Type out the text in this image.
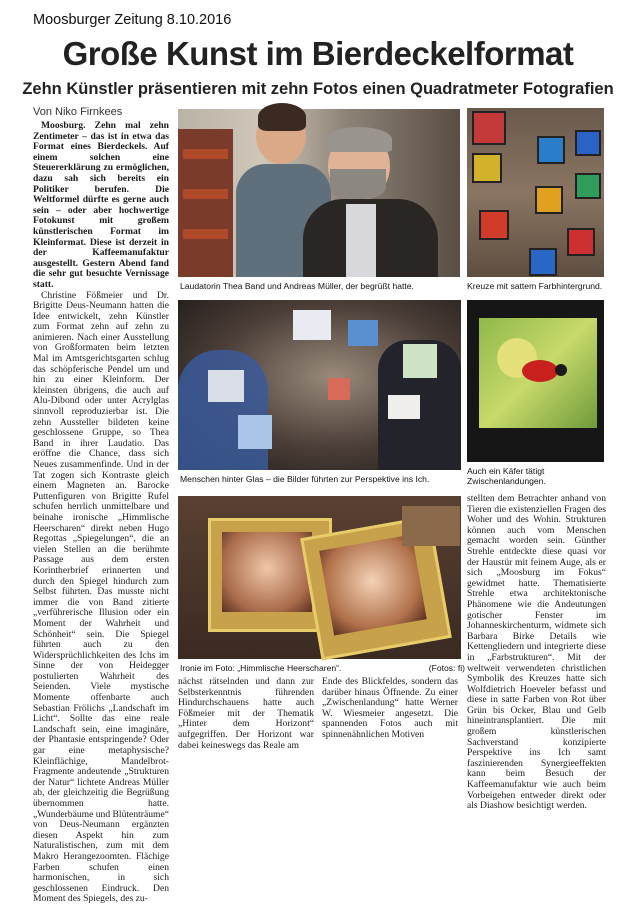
Moosburger Zeitung 8.10.2016
Große Kunst im Bierdeckelformat
Zehn Künstler präsentieren mit zehn Fotos einen Quadratmeter Fotografien
Von Niko Firnkees

Moosburg. Zehn mal zehn Zentimeter – das ist in etwa das Format eines Bierdeckels. Auf einem solchen eine Steuererklärung zu ermöglichen, dazu sah sich bereits ein Politiker berufen. Die Weltformel dürfte es gerne auch sein – oder aber hochwertige Fotokunst mit großem künstlerischen Format im Kleinformat. Diese ist derzeit in der Kaffeemanufaktur ausgestellt. Gestern Abend fand die sehr gut besuchte Vernissage statt.

Christine Fößmeier und Dr. Brigitte Deus-Neumann hatten die Idee entwickelt, zehn Künstler zum Format zehn auf zehn zu animieren. Nach einer Ausstellung von Großformaten beim letzten Mal im Amtsgerichtsgarten schlug das schöpferische Pendel um und hin zu einer Kleinform. Der kleinsten übrigens, die auch auf Alu-Dibond oder unter Acrylglas sinnvoll reproduzierbar ist. Die zehn Aussteller bildeten keine geschlossene Gruppe, so Thea Band in ihrer Laudatio. Das eröffne die Chance, dass sich Neues zusammenfinde. Und in der Tat zogen sich Kontraste gleich einem Magneten an. Barocke Puttenfiguren von Brigitte Rufel schufen herrlich unmittelbare und beinahe ironische „Himmlische Heerscharen“ direkt neben Hugo Regottas „Spiegelungen“, die an vielen Stellen an die berühmte Passage aus dem ersten Korintherbrief erinnerten und durch den Spiegel hindurch zum Selbst führten. Das musste nicht immer die von Band zitierte „verführerische Illusion oder ein Moment der Wahrheit und Schönheit“ sein. Die Spiegel führten auch zu den Widersprüchlichkeiten des Ichs im Sinne der von Heidegger postulierten Wahrheit des Seienden. Viele mystische Momente offenbarte auch Sebastian Frölichs „Landschaft im Licht“. Sollte das eine reale Landschaft sein, eine imaginäre, der Phantasie entspringende? Oder gar eine metaphysische? Kleinflächige, Mandelbrot-Fragmente andeutende „Strukturen der Natur“ lichtete Andreas Müller ab, der gleichzeitig die Begrüßung übernommen hatte. „Wunderbäume und Blütenträume“ von Deus-Neumann ergänzten diesen Aspekt hin zum Naturalistischen, zum mit dem Makro Herangezoomten. Flächige Farben schufen einen harmonischen, in sich geschlossenen Eindruck. Den Moment des Spiegels, des zu-

Laudatorin Thea Band und Andreas Müller, der begrüßt hatte.	Kreuze mit sattem Farbhintergrund.
Menschen hinter Glas – die Bilder führten zur Perspektive ins Ich.
Auch ein Käfer tätigt Zwischenlandungen.
Ironie im Foto: „Himmlische Heerscharen“.	(Fotos: fi)

nächst rätselnden und dann zur Selbsterkenntnis führenden Hindurchschauens hatte auch Fößmeier mit der Thematik „Hinter dem Horizont“ aufgegriffen. Der Horizont war dabei keineswegs das Reale am

Ende des Blickfeldes, sondern das darüber hinaus Öffnende. Zu einer „Zwischenlandung“ hatte Werner W. Wiesmeier angesetzt. Die spannenden Fotos auch mit spinnenähnlichen Motiven

stellten dem Betrachter anhand von Tieren die existenziellen Fragen des Woher und des Wohin. Strukturen können auch vom Menschen gemacht worden sein. Günther Strehle entdeckte diese quasi vor der Haustür mit feinem Auge, als er sich „Moosburg im Fokus“ gewidmet hatte. Thematisierte Strehle etwa architektonische Phänomene wie die Andeutungen gotischer Fenster im Johanneskirchenturm, widmete sich Barbara Birke Details wie Kettengliedern und integrierte diese in „Farbstrukturen“. Mit der weltweit verwendeten christlichen Symbolik des Kreuzes hatte sich Wolfdietrich Hoeveler befasst und diese in satte Farben von Rot über Grün bis Ocker, Blau und Gelb hineintransplantiert. Die mit großem künstlerischen Sachverstand konzipierte Perspektive ins Ich samt faszinierenden Synergieeffekten kann beim Besuch der Kaffeemanufaktur wie auch beim Vorbeigehen entweder direkt oder als Diashow besichtigt werden.
